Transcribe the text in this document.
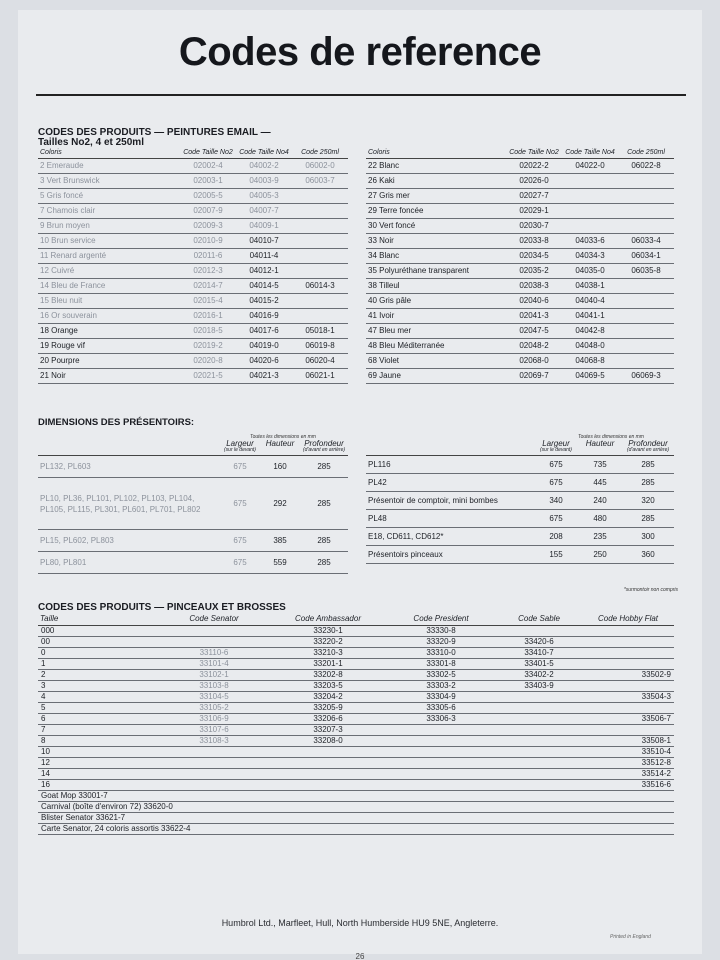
Codes de reference
CODES DES PRODUITS — PEINTURES EMAIL —
Tailles No2, 4 et 250ml
Coloris	Code Taille No2	Code Taille No4	Code 250ml
2 Emeraude	02002-4	04002-2	06002-0
3 Vert Brunswick	02003-1	04003-9	06003-7
5 Gris foncé	02005-5	04005-3	
7 Chamois clair	02007-9	04007-7	
9 Brun moyen	02009-3	04009-1	
10 Brun service	02010-9	04010-7	
11 Renard argenté	02011-6	04011-4	
12 Cuivré	02012-3	04012-1	
14 Bleu de France	02014-7	04014-5	06014-3
15 Bleu nuit	02015-4	04015-2	
16 Or souverain	02016-1	04016-9	
18 Orange	02018-5	04017-6	05018-1
19 Rouge vif	02019-2	04019-0	06019-8
20 Pourpre	02020-8	04020-6	06020-4
21 Noir	02021-5	04021-3	06021-1
Coloris	Code Taille No2	Code Taille No4	Code 250ml
22 Blanc	02022-2	04022-0	06022-8
26 Kaki	02026-0		
27 Gris mer	02027-7		
29 Terre foncée	02029-1		
30 Vert foncé	02030-7		
33 Noir	02033-8	04033-6	06033-4
34 Blanc	02034-5	04034-3	06034-1
35 Polyuréthane transparent	02035-2	04035-0	06035-8
38 Tilleul	02038-3	04038-1	
40 Gris pâle	02040-6	04040-4	
41 Ivoir	02041-3	04041-1	
47 Bleu mer	02047-5	04042-8	
48 Bleu Méditerranée	02048-2	04048-0	
68 Violet	02068-0	04068-8	
69 Jaune	02069-7	04069-5	06069-3
DIMENSIONS DES PRÉSENTOIRS:
Toutes les dimensions en mm	Toutes les dimensions en mm
	Largeur
(sur le devant)	Hauteur	Profondeur
(d'avant en arrière)

PL132, PL603	675	160	285
PL10, PL36, PL101, PL102, PL103, PL104, PL105, PL115, PL301, PL601, PL701, PL802	675	292	285
PL15, PL602, PL803	675	385	285
PL80, PL801	675	559	285
	Largeur
(sur le devant)	Hauteur	Profondeur
(d'avant en arrière)

PL116	675	735	285
PL42	675	445	285
Présentoir de comptoir, mini bombes	340	240	320
PL48	675	480	285
E18, CD611, CD612*	208	235	300
Présentoirs pinceaux	155	250	360
*surmontoir non compris
CODES DES PRODUITS — PINCEAUX ET BROSSES
Taille	Code Senator	Code Ambassador	Code President	Code Sable	Code Hobby Flat
000		33230-1	33330-8		
00		33220-2	33320-9	33420-6	
0	33110-6	33210-3	33310-0	33410-7	
1	33101-4	33201-1	33301-8	33401-5	
2	33102-1	33202-8	33302-5	33402-2	33502-9
3	33103-8	33203-5	33303-2	33403-9	
4	33104-5	33204-2	33304-9		33504-3
5	33105-2	33205-9	33305-6		
6	33106-9	33206-6	33306-3		33506-7
7	33107-6	33207-3			
8	33108-3	33208-0			33508-1
10					33510-4
12					33512-8
14					33514-2
16					33516-6
Goat Mop 33001-7					
Carnival (boîte d'environ 72) 33620-0					
Blister Senator 33621-7					
Carte Senator, 24 coloris assortis 33622-4					
Humbrol Ltd., Marfleet, Hull, North Humberside HU9 5NE, Angleterre.
Printed in England
26
